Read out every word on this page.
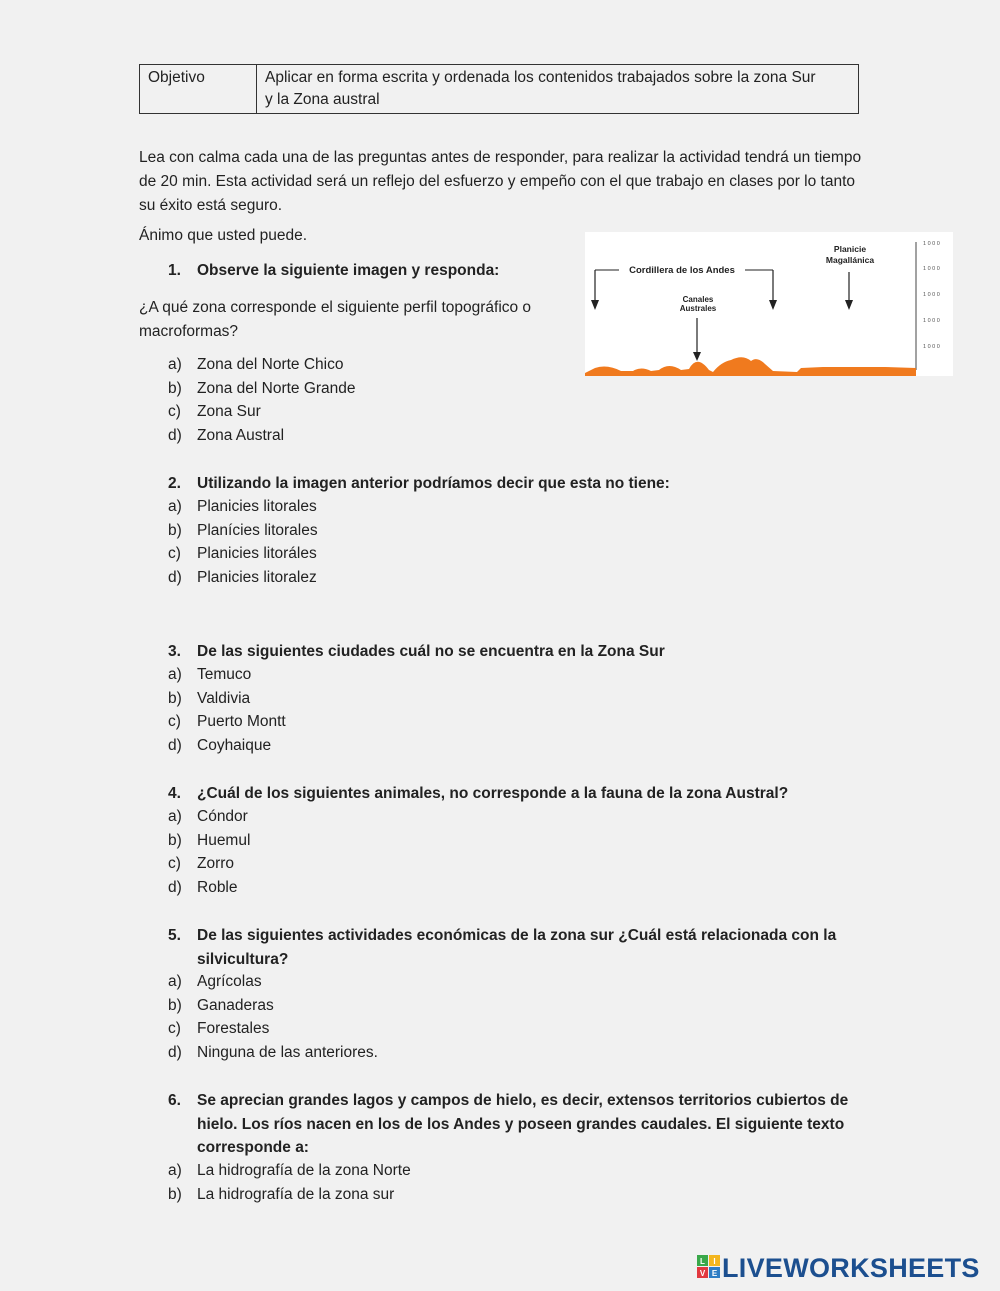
Objetivo	Aplicar en forma escrita y ordenada los contenidos trabajados sobre la zona Sur
y la Zona austral
Lea con calma cada una de las preguntas antes de responder, para realizar la actividad tendrá un tiempo de 20 min. Esta actividad será un reflejo del esfuerzo y empeño con el que trabajo en clases por lo tanto su éxito está seguro.
Ánimo que usted puede.
1. Observe la siguiente imagen y responda:
¿A qué zona corresponde el siguiente perfil topográfico o macroformas?
a) Zona del Norte Chico
b) Zona del Norte Grande
c) Zona Sur
d) Zona Austral
Cordillera de los Andes
Canales
Australes
Planicie
Magallánica
1 0 0 0
1 0 0 0
1 0 0 0
1 0 0 0
1 0 0 0
2. Utilizando la imagen anterior podríamos decir que esta no tiene:
a) Planicies litorales
b) Planícies litorales
c) Planicies litoráles
d) Planicies litoralez
3. De las siguientes ciudades cuál no se encuentra en la Zona Sur
a) Temuco
b) Valdivia
c) Puerto Montt
d) Coyhaique
4. ¿Cuál de los siguientes animales, no corresponde a la fauna de la zona Austral?
a) Cóndor
b) Huemul
c) Zorro
d) Roble
5. De las siguientes actividades económicas de la zona sur ¿Cuál está relacionada con la
silvicultura?
a) Agrícolas
b) Ganaderas
c) Forestales
d) Ninguna de las anteriores.
6. Se aprecian grandes lagos y campos de hielo, es decir, extensos territorios cubiertos de
hielo. Los ríos nacen en los de los Andes y poseen grandes caudales. El siguiente texto
corresponde a:
a) La hidrografía de la zona Norte
b) La hidrografía de la zona sur
L I
V E LIVEWORKSHEETS
